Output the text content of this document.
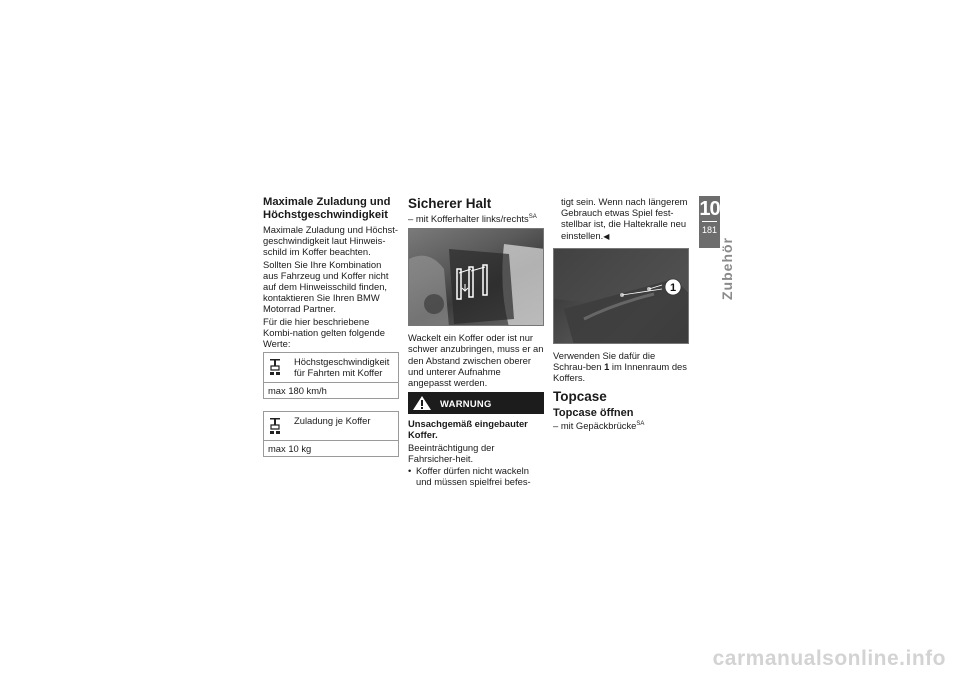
Maximale Zuladung und Höchstgeschwindigkeit

Maximale Zuladung und Höchst-geschwindigkeit laut Hinweis-schild im Koffer beachten.

Sollten Sie Ihre Kombination aus Fahrzeug und Koffer nicht auf dem Hinweisschild finden, kontaktieren Sie Ihren BMW Motorrad Partner.

Für die hier beschriebene Kombi-nation gelten folgende Werte:

Höchstgeschwindigkeit für Fahrten mit Koffer
max 180 km/h
Zuladung je Koffer
max 10 kg
Sicherer Halt

– mit Kofferhalter links/rechts$^{SA}$

Wackelt ein Koffer oder ist nur schwer anzubringen, muss er an den Abstand zwischen oberer und unterer Aufnahme angepasst werden.

WARNUNG

Unsachgemäß eingebauter Koffer.

Beeinträchtigung der Fahrsicher-heit.

• Koffer dürfen nicht wackeln und müssen spielfrei befes-

tigt sein. Wenn nach längerem Gebrauch etwas Spiel fest-stellbar ist, die Haltekralle neu einstellen.◀

1

Verwenden Sie dafür die Schrau-ben 1 im Innenraum des Koffers.

Topcase
Topcase öffnen

– mit Gepäckbrücke$^{SA}$

10
181
Zubehör
carmanualsonline.info
